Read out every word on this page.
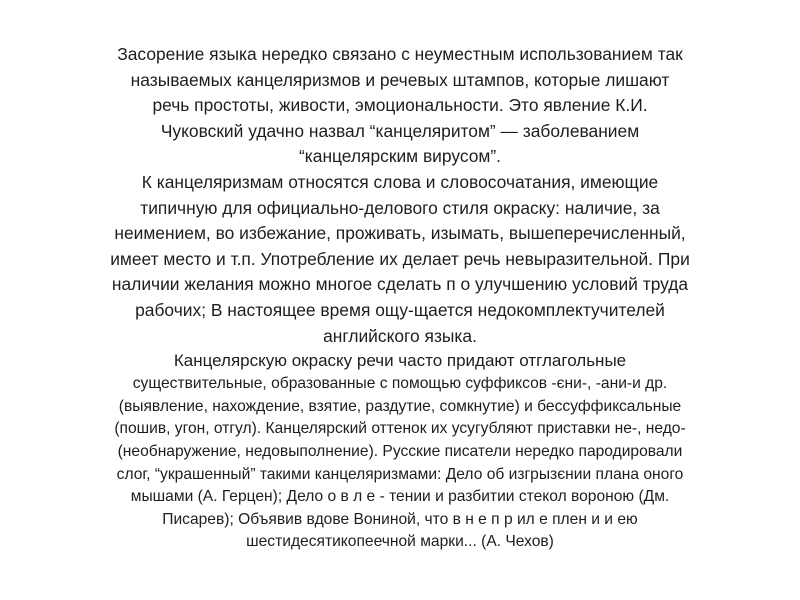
Засорение языка нередко связано с неуместным использованием так
называемых канцеляризмов и речевых штампов, которые лишают
речь простоты, живости, эмоциональности. Это явление К.И.
Чуковский удачно назвал “канцеляритом” — заболеванием
“канцелярским вирусом”.
К канцеляризмам относятся слова и словосочатания, имеющие
типичную для официально-делового стиля окраску: наличие, за
неимением, во избежание, проживать, изымать, вышеперечисленный,
имеет место и т.п. Употребление их делает речь невыразительной. При
наличии желания можно многое сделать п о улучшению условий труда
рабочих; В настоящее время ощу-щается недокомплектучителей
английского языка.
Канцелярскую окраску речи часто придают отглагольные
существительные, образованные с помощью суффиксов -єни-, -ани-и др.
(выявление, нахождение, взятие, раздутие, сомкнутие) и бессуффикcальные
(пошив, угон, отгул). Канцелярский оттенок их усугубляют приставки не-, недо-
(необнаружение, недовыполнение). Русские писатели нередко пародировали
слог, “украшенный” такими канцеляризмами: Дело об изгрызєнии плана оного
мышами (А. Герцен); Дело о в л е - тении и разбитии стекол вороною (Дм.
Писарев); Объявив вдове Вониной, что в н е п р ил е плен и и ею
шестидесятикопеечной марки... (А. Чехов)
